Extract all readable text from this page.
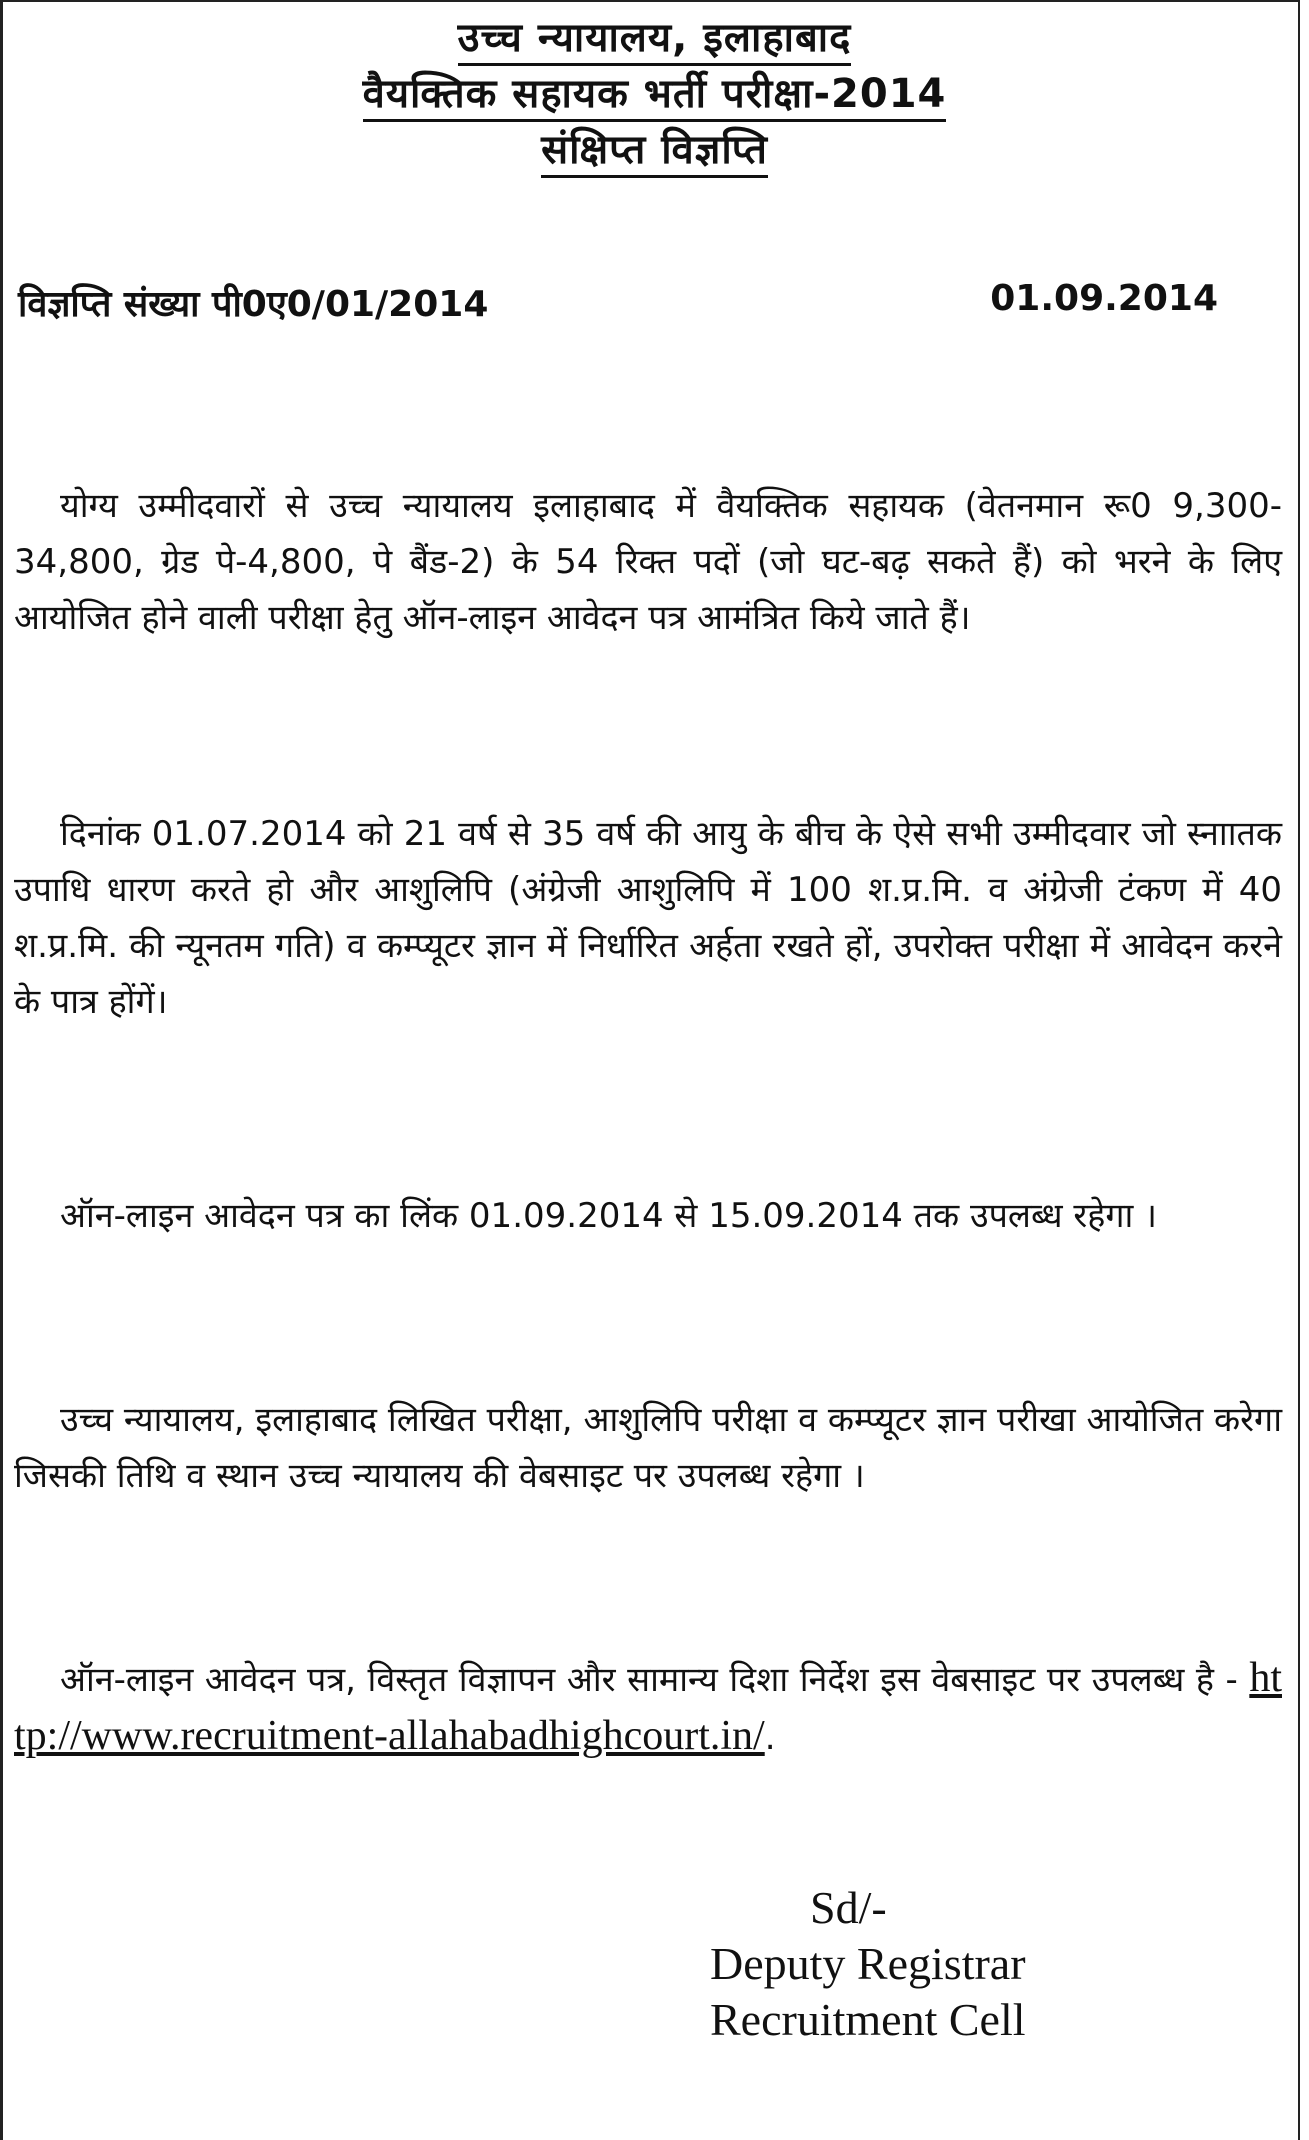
उच्च न्यायालय, इलाहाबाद
वैयक्तिक सहायक भर्ती परीक्षा-2014
संक्षिप्त विज्ञप्ति
विज्ञप्ति संख्या पी0ए0/01/2014	01.09.2014
योग्य उम्मीदवारों से उच्च न्यायालय इलाहाबाद में वैयक्तिक सहायक (वेतनमान रू0 9,300-34,800, ग्रेड पे-4,800, पे बैंड-2) के 54 रिक्त पदों (जो घट-बढ़ सकते हैं) को भरने के लिए आयोजित होने वाली परीक्षा हेतु ऑन-लाइन आवेदन पत्र आमंत्रित किये जाते हैं।
दिनांक 01.07.2014 को 21 वर्ष से 35 वर्ष की आयु के बीच के ऐसे सभी उम्मीदवार जो स्नाातक उपाधि धारण करते हो और आशुलिपि (अंग्रेजी आशुलिपि में 100 श.प्र.मि. व अंग्रेजी टंकण में 40 श.प्र.मि. की न्यूनतम गति) व कम्प्यूटर ज्ञान में निर्धारित अर्हता रखते हों, उपरोक्त परीक्षा में आवेदन करने के पात्र होंगें।
ऑन-लाइन आवेदन पत्र का लिंक 01.09.2014 से 15.09.2014 तक उपलब्ध रहेगा ।
उच्च न्यायालय, इलाहाबाद लिखित परीक्षा, आशुलिपि परीक्षा व कम्प्यूटर ज्ञान परीखा आयोजित करेगा जिसकी तिथि व स्थान उच्च न्यायालय की वेबसाइट पर उपलब्ध रहेगा ।
ऑन-लाइन आवेदन पत्र, विस्तृत विज्ञापन और सामान्य दिशा निर्देश इस वेबसाइट पर उपलब्ध है - http://www.recruitment-allahabadhighcourt.in/.
Sd/-
Deputy Registrar
Recruitment Cell
